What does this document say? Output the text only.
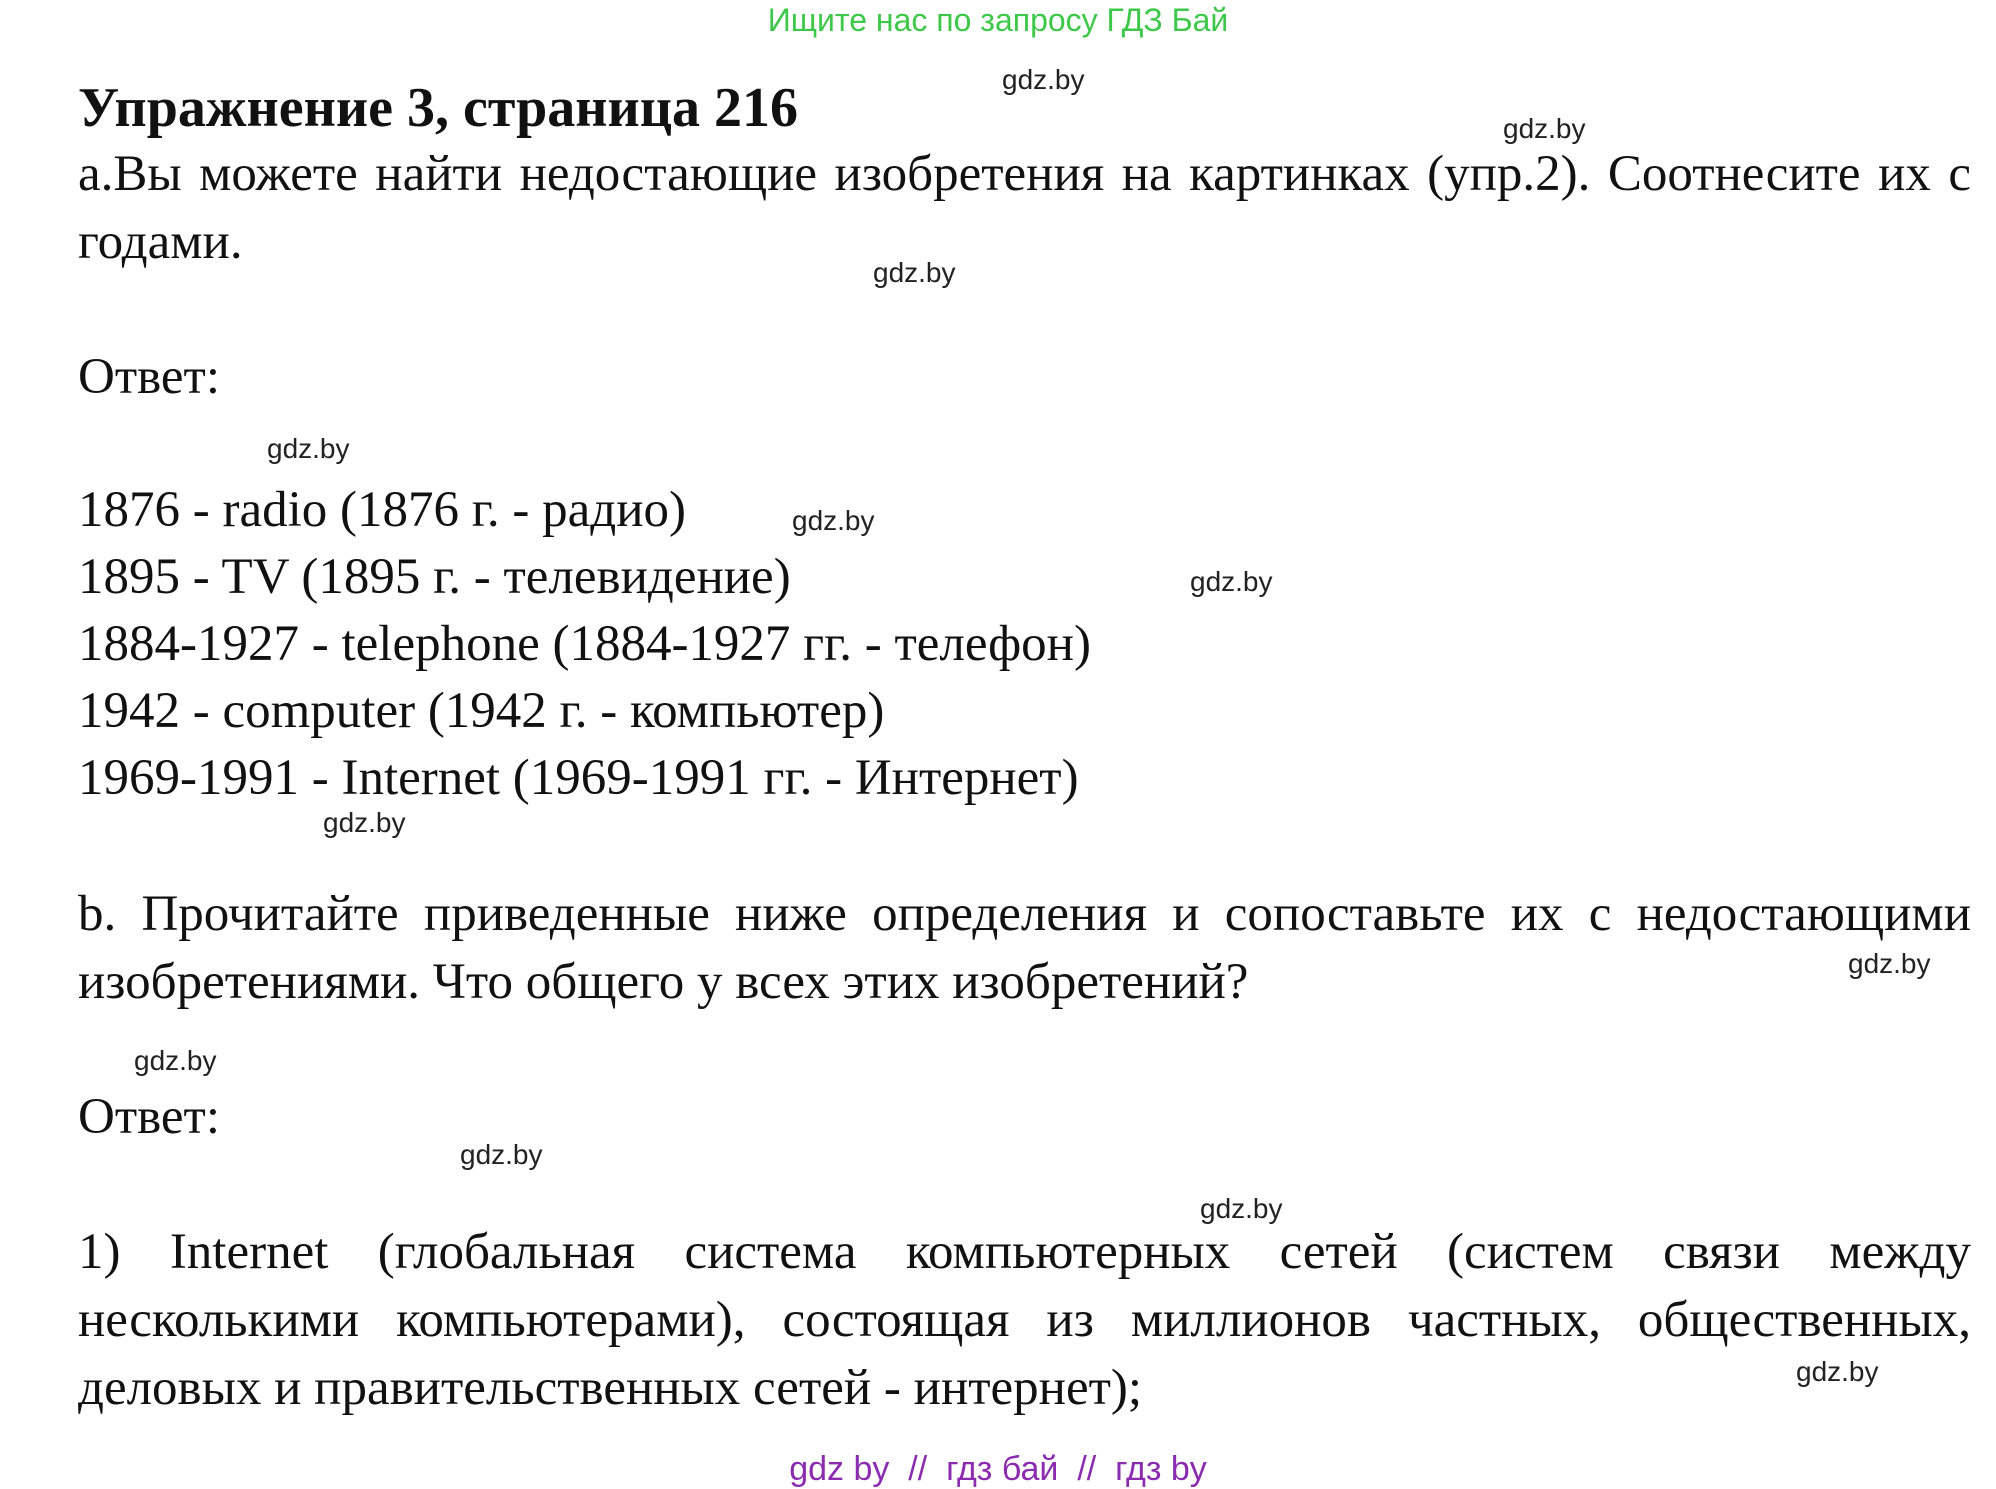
Ищите нас по запросу ГДЗ Бай
Упражнение 3, страница 216
a.Вы можете найти недостающие изобретения на картинках (упр.2). Соотнесите их с годами.
Ответ:
1876 - radio (1876 г. - радио)
1895 - TV (1895 г. - телевидение)
1884-1927 - telephone (1884-1927 гг. - телефон)
1942 - computer (1942 г. - компьютер)
1969-1991 - Internet (1969-1991 гг. - Интернет)
b. Прочитайте приведенные ниже определения и сопоставьте их с недостающими изобретениями. Что общего у всех этих изобретений?
Ответ:
1) Internet (глобальная система компьютерных сетей (систем связи между несколькими компьютерами), состоящая из миллионов частных, общественных, деловых и правительственных сетей - интернет);
gdz.by
gdz.by
gdz.by
gdz.by
gdz.by
gdz.by
gdz.by
gdz.by
gdz.by
gdz.by
gdz.by
gdz.by
gdz by  //  гдз бай  //  гдз by
